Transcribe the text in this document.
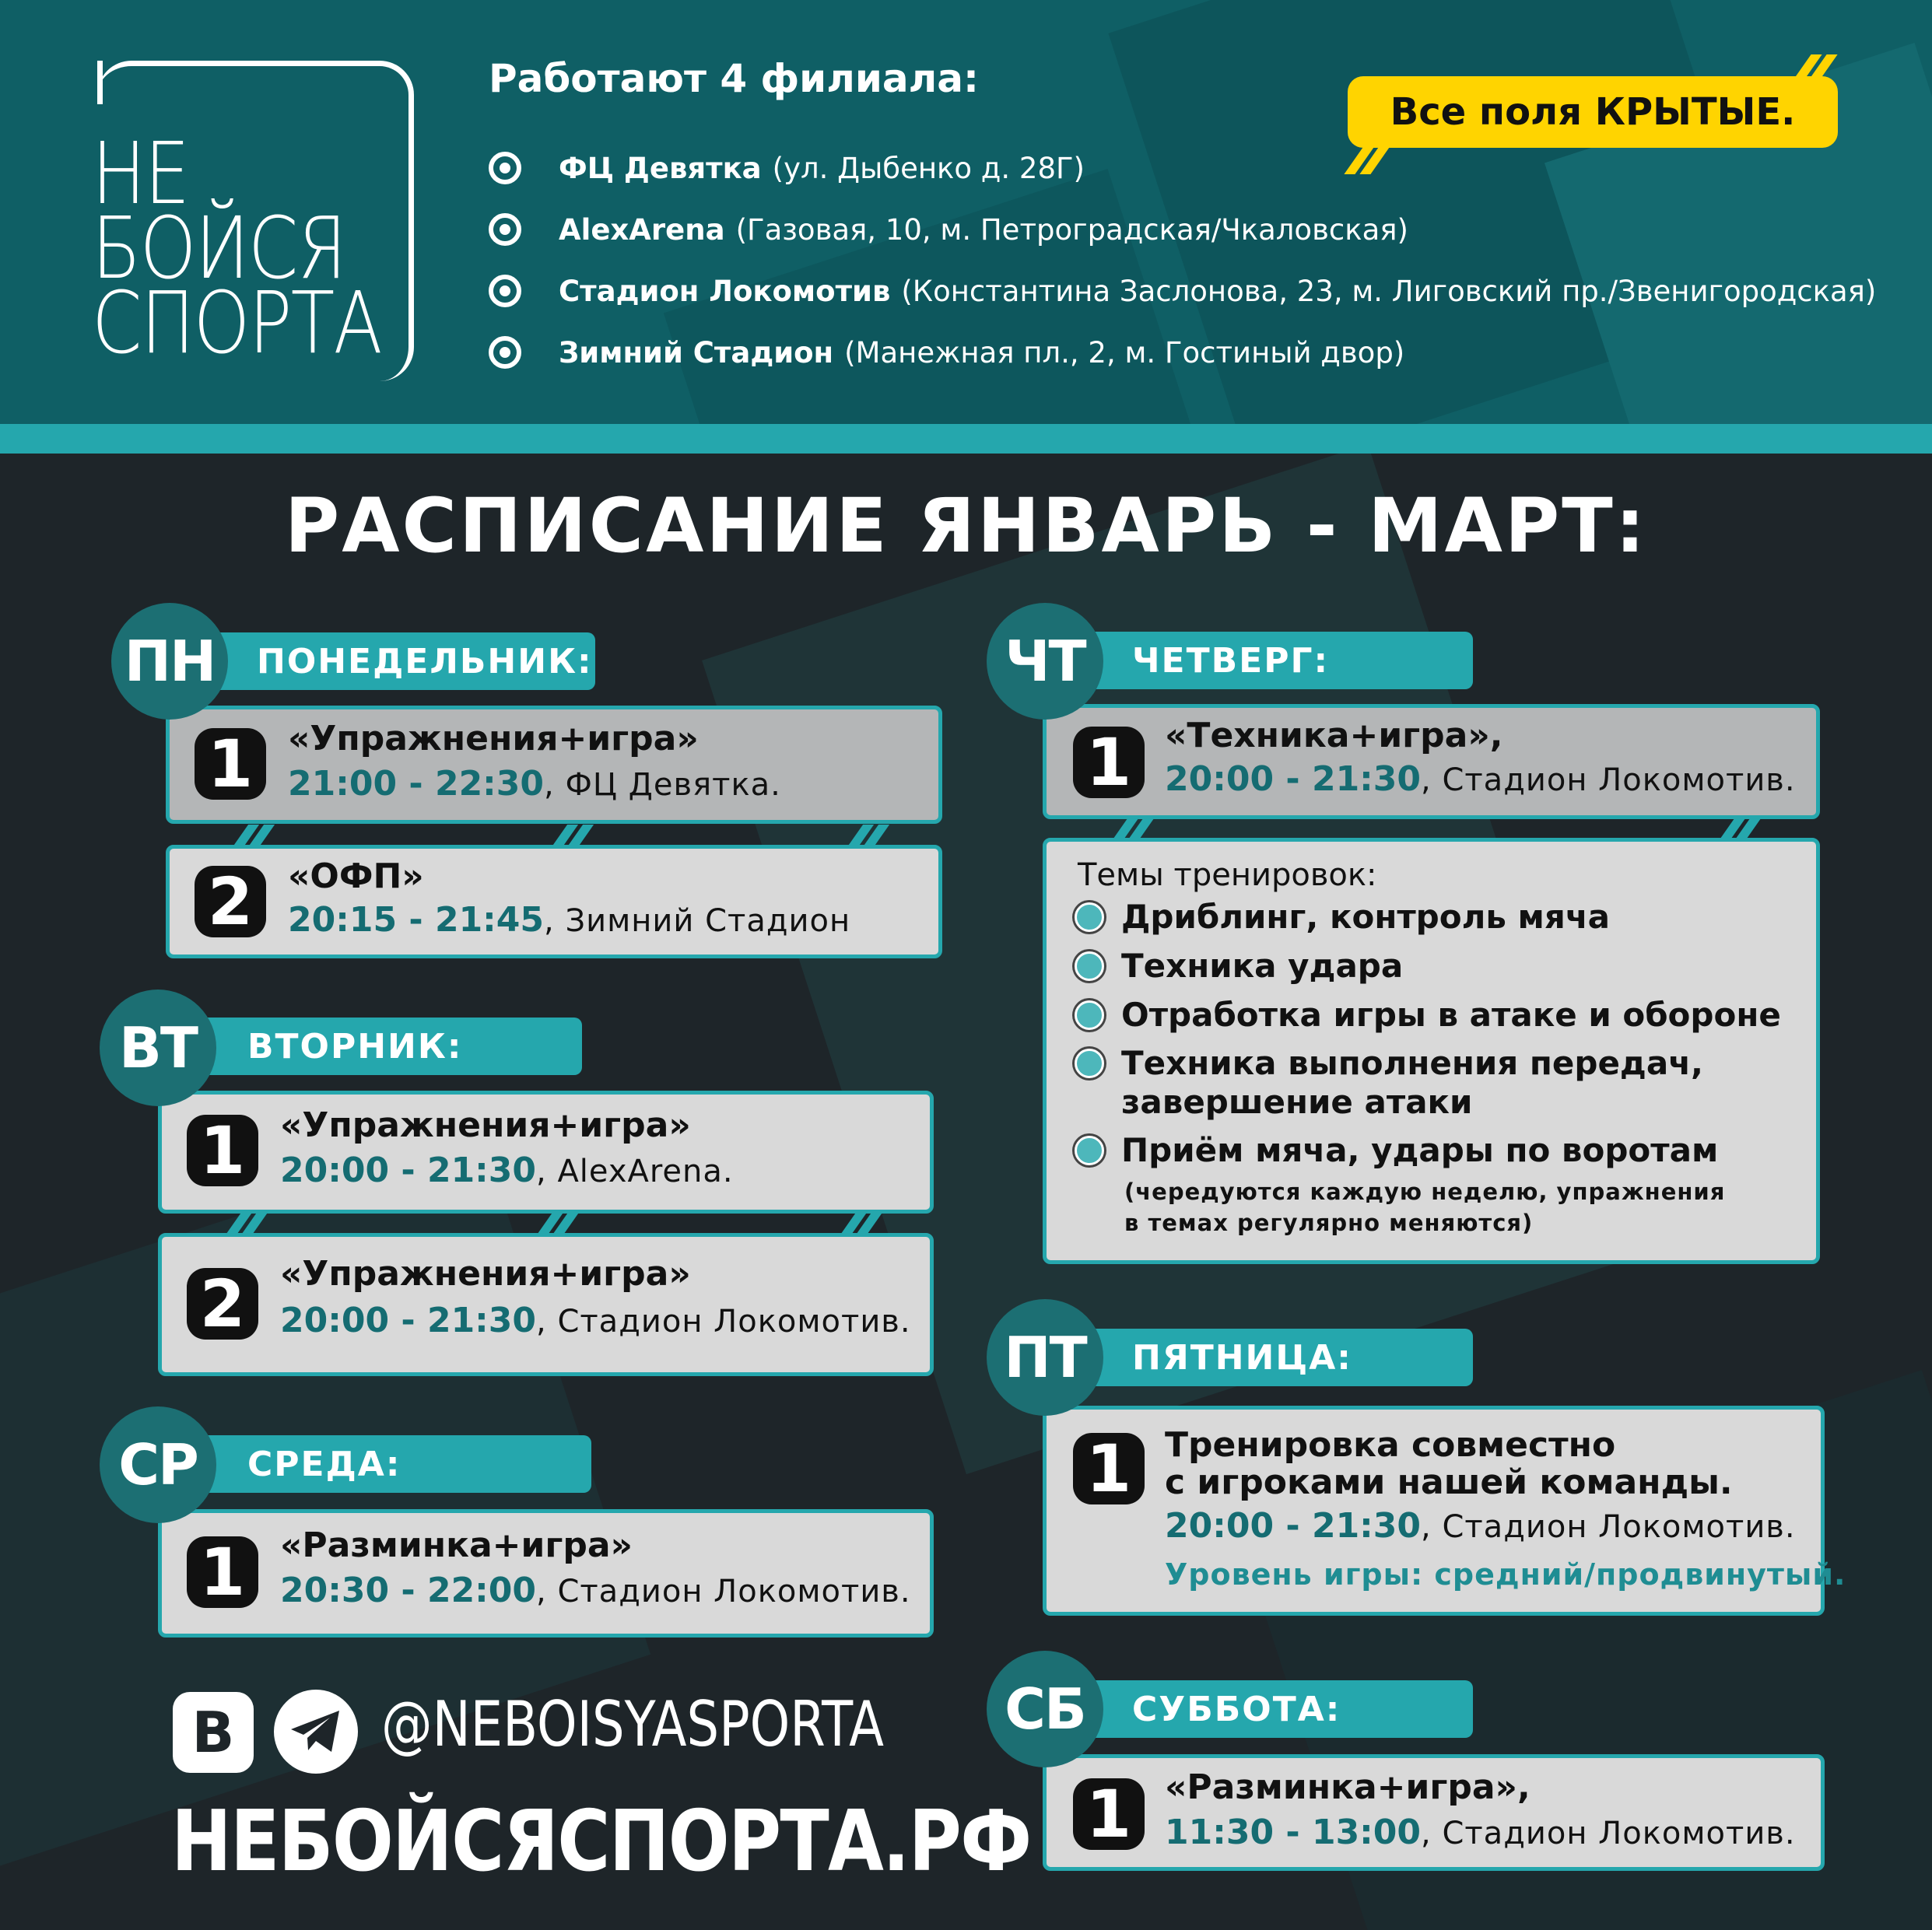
НЕ
БОЙСЯ
СПОРТА
Работают 4 филиала:
ФЦ Девятка (ул. Дыбенко д. 28Г)
AlexArena (Газовая, 10, м. Петроградская/Чкаловская)
Стадион Локомотив (Константина Заслонова, 23, м. Лиговский пр./Звенигородская)
Зимний Стадион (Манежная пл., 2, м. Гостиный двор)
Все поля КРЫТЫЕ.
РАСПИСАНИЕ ЯНВАРЬ - МАРТ:
ПН	ПОНЕДЕЛЬНИК:
1	«Упражнения+игра»
21:00 - 22:30, ФЦ Девятка.
2	«ОФП»
20:15 - 21:45, Зимний Стадион
ВТ	ВТОРНИК:
1	«Упражнения+игра»
20:00 - 21:30, AlexArena.
2	«Упражнения+игра»
20:00 - 21:30, Стадион Локомотив.
СР	СРЕДА:
1	«Разминка+игра»
20:30 - 22:00, Стадион Локомотив.
ЧТ	ЧЕТВЕРГ:
1 «Техника+игра»,
20:00 - 21:30, Стадион Локомотив.
Темы тренировок:
Дриблинг, контроль мяча
Техника удара
Отработка игры в атаке и обороне
Техника выполнения передач,
завершение атаки
Приём мяча, удары по воротам
(чередуются каждую неделю, упражнения
в темах регулярно меняются)
ПТ	ПЯТНИЦА:
1 Тренировка совместно
с игроками нашей команды.
20:00 - 21:30, Стадион Локомотив.
Уровень игры: средний/продвинутый.
СБ	СУББОТА:
1 «Разминка+игра»,
11:30 - 13:00, Стадион Локомотив.
В	@NEBOISYASPORTA
НЕБОЙСЯСПОРТА.РФ
